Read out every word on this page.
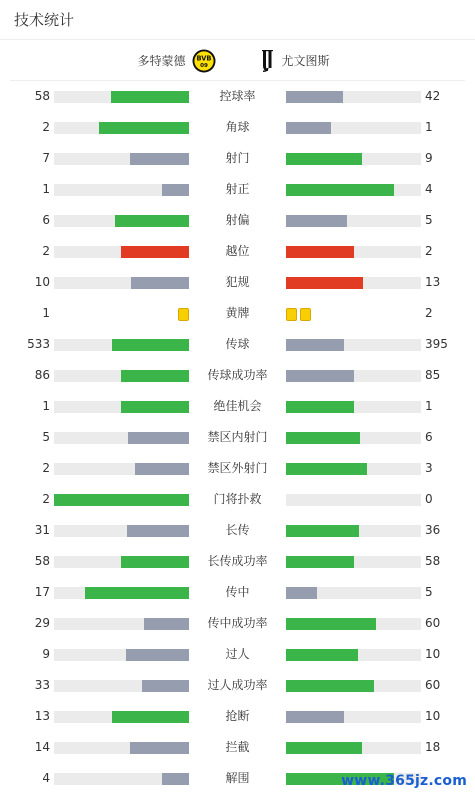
技术统计
多特蒙德 BVB
09	尤文图斯
58	控球率	42
2	角球	1
7	射门	9
1	射正	4
6	射偏	5
2	越位	2
10	犯规	13
1	黄牌	2
533	传球	395
86	传球成功率	85
1	绝佳机会	1
5	禁区内射门	6
2	禁区外射门	3
2	门将扑救	0
31	长传	36
58	长传成功率	58
17	传中	5
29	传中成功率	60
9	过人	10
33	过人成功率	60
13	抢断	10
14	拦截	18
4	解围	www.365jz.com
